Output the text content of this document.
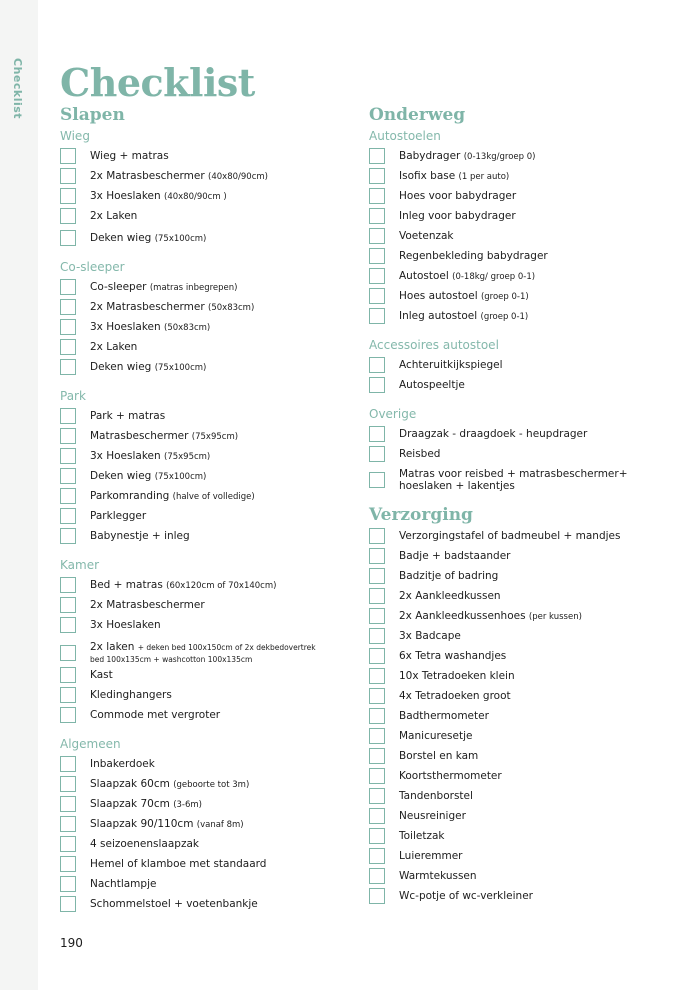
Checklist Checklist
Slapen
Wieg
Wieg + matras
2x Matrasbeschermer (40x80/90cm)
3x Hoeslaken (40x80/90cm )
2x Laken
Deken wieg (75x100cm)
Co-sleeper
Co-sleeper (matras inbegrepen)
2x Matrasbeschermer (50x83cm)
3x Hoeslaken (50x83cm)
2x Laken
Deken wieg (75x100cm)
Park
Park + matras
Matrasbeschermer (75x95cm)
3x Hoeslaken (75x95cm)
Deken wieg (75x100cm)
Parkomranding (halve of volledige)
Parklegger
Babynestje + inleg
Kamer
Bed + matras (60x120cm of 70x140cm)
2x Matrasbeschermer
3x Hoeslaken
2x laken + deken bed 100x150cm of 2x dekbedovertrek
bed 100x135cm + washcotton 100x135cm
Kast
Kledinghangers
Commode met vergroter
Algemeen
Inbakerdoek
Slaapzak 60cm (geboorte tot 3m)
Slaapzak 70cm (3-6m)
Slaapzak 90/110cm (vanaf 8m)
4 seizoenenslaapzak
Hemel of klamboe met standaard
Nachtlampje
Schommelstoel + voetenbankje
Onderweg
Autostoelen
Babydrager (0-13kg/groep 0)
Isofix base (1 per auto)
Hoes voor babydrager
Inleg voor babydrager
Voetenzak
Regenbekleding babydrager
Autostoel (0-18kg/ groep 0-1)
Hoes autostoel (groep 0-1)
Inleg autostoel (groep 0-1)
Accessoires autostoel
Achteruitkijkspiegel
Autospeeltje
Overige
Draagzak - draagdoek - heupdrager
Reisbed
Matras voor reisbed + matrasbeschermer+ hoeslaken + lakentjes
Verzorging
Verzorgingstafel of badmeubel + mandjes
Badje + badstaander
Badzitje of badring
2x Aankleedkussen
2x Aankleedkussenhoes (per kussen)
3x Badcape
6x Tetra washandjes
10x Tetradoeken klein
4x Tetradoeken groot
Badthermometer
Manicuresetje
Borstel en kam
Koortsthermometer
Tandenborstel
Neusreiniger
Toiletzak
Luieremmer
Warmtekussen
Wc-potje of wc-verkleiner
190
